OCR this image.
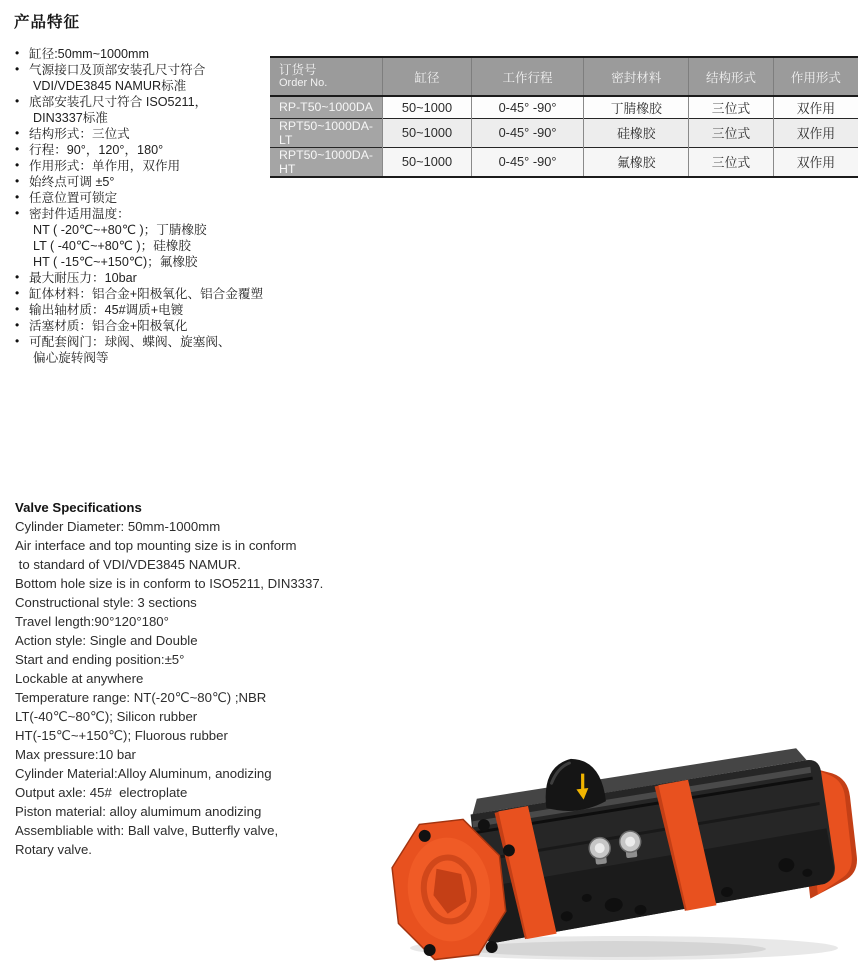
产品特征
• 缸径:50mm~1000mm
• 气源接口及顶部安装孔尺寸符合
VDI/VDE3845 NAMUR标准
• 底部安装孔尺寸符合 ISO5211，
DIN3337标准
• 结构形式：三位式
• 行程：90°，120°，180°
• 作用形式：单作用，双作用
• 始终点可调 ±5°
• 任意位置可锁定
• 密封件适用温度：
NT ( -20℃~+80℃ )；丁腈橡胶
LT ( -40℃~+80℃ )；硅橡胶
HT ( -15℃~+150℃)；氟橡胶
• 最大耐压力：10bar
• 缸体材料：铝合金+阳极氧化、铝合金覆塑
• 输出轴材质：45#调质+电镀
• 活塞材质：铝合金+阳极氧化
• 可配套阀门：球阀、蝶阀、旋塞阀、
偏心旋转阀等
订货号
Order No.	缸径	工作行程	密封材料	结构形式	作用形式
RP-T50~1000DA	50~1000	0-45° -90°	丁腈橡胶	三位式	双作用
RPT50~1000DA-LT	50~1000	0-45° -90°	硅橡胶	三位式	双作用
RPT50~1000DA-HT	50~1000	0-45° -90°	氟橡胶	三位式	双作用
Valve Specifications
Cylinder Diameter: 50mm-1000mm
Air interface and top mounting size is in conform
to standard of VDI/VDE3845 NAMUR.
Bottom hole size is in conform to ISO5211, DIN3337.
Constructional style: 3 sections
Travel length:90°120°180°
Action style: Single and Double
Start and ending position:±5°
Lockable at anywhere
Temperature range: NT(-20℃~80℃) ;NBR
LT(-40℃~80℃); Silicon rubber
HT(-15℃~+150℃); Fluorous rubber
Max pressure:10 bar
Cylinder Material:Alloy Aluminum, anodizing
Output axle: 45#  electroplate
Piston material: alloy alumimum anodizing
Assembliable with: Ball valve, Butterfly valve,
Rotary valve.
